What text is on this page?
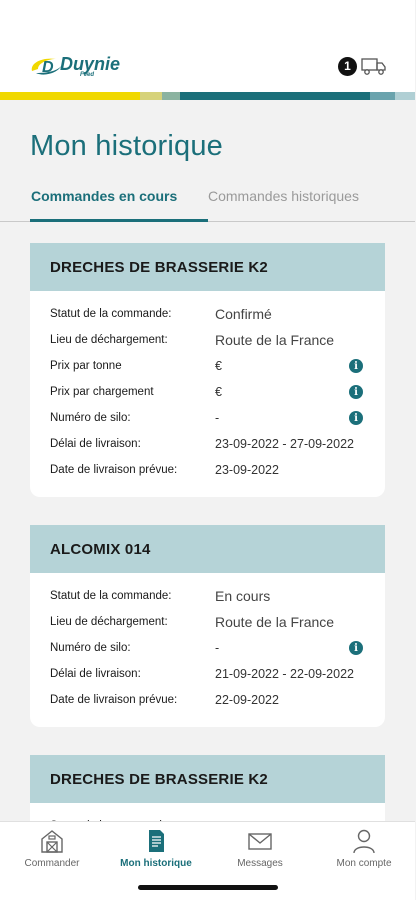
D Duynie
Feed
1
Mon historique
Commandes en cours Commandes historiques
DRECHES DE BRASSERIE K2
Statut de la commande:	Confirmé
Lieu de déchargement:	Route de la France
Prix par tonne	€	i
Prix par chargement	€	i
Numéro de silo:	-	i
Délai de livraison:	23-09-2022 - 27-09-2022
Date de livraison prévue:	23-09-2022
ALCOMIX 014
Statut de la commande:	En cours
Lieu de déchargement:	Route de la France
Numéro de silo:	-	i
Délai de livraison:	21-09-2022 - 22-09-2022
Date de livraison prévue:	22-09-2022
DRECHES DE BRASSERIE K2
Commander	Mon historique	Messages	Mon compte
